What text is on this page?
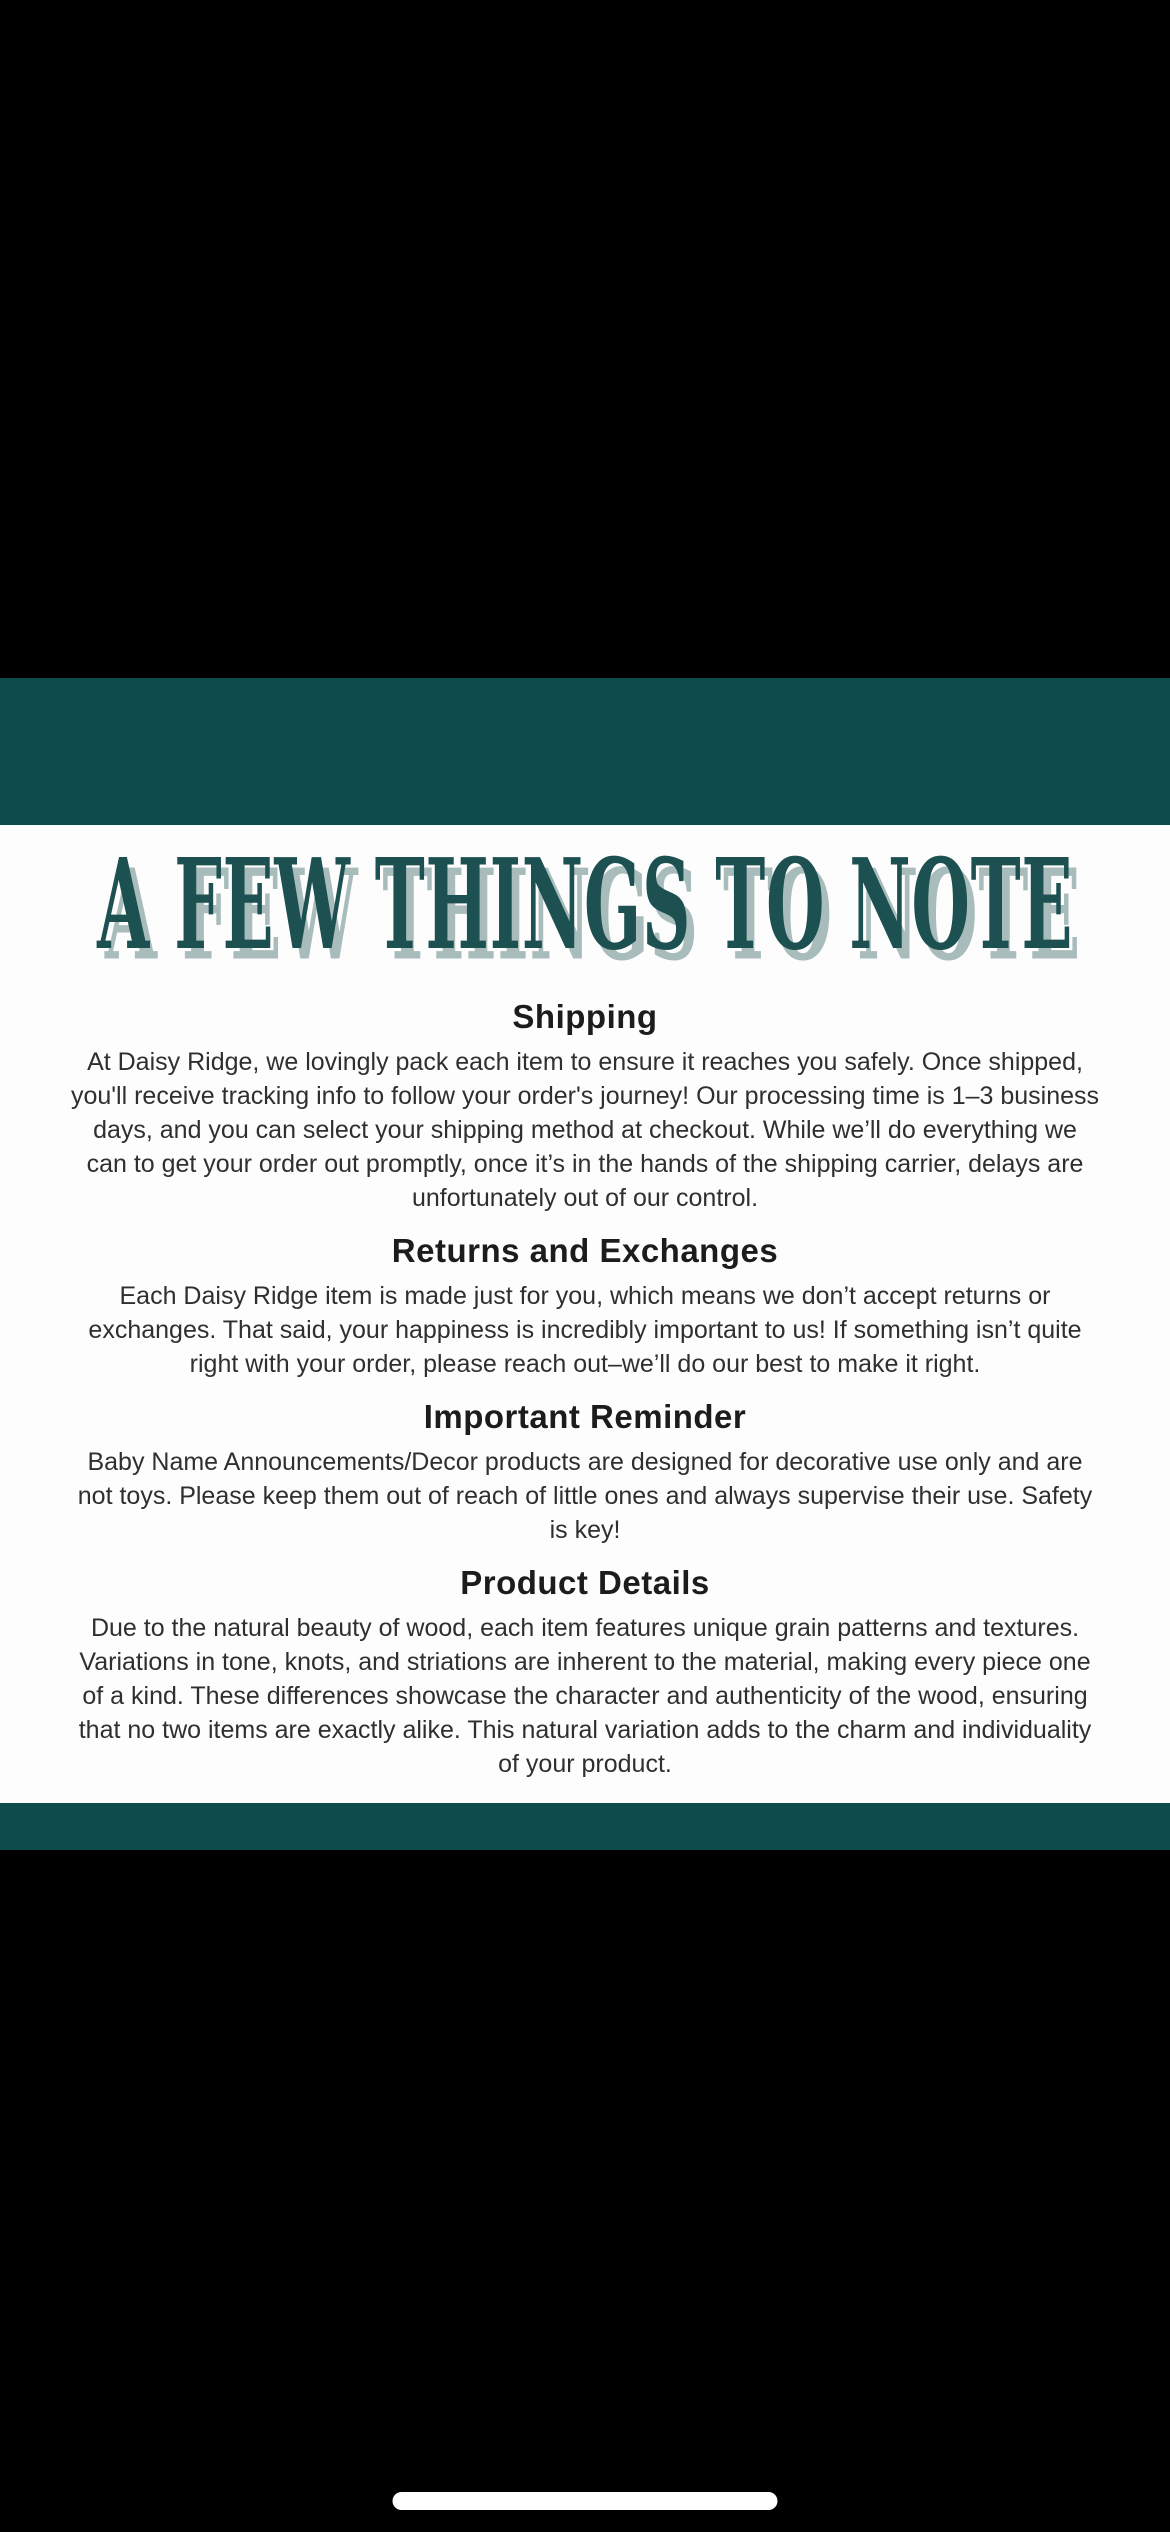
A FEW THINGS TO NOTE
Shipping

At Daisy Ridge, we lovingly pack each item to ensure it reaches you safely. Once shipped, you'll receive tracking info to follow your order's journey! Our processing time is 1–3 business days, and you can select your shipping method at checkout. While we’ll do everything we can to get your order out promptly, once it’s in the hands of the shipping carrier, delays are unfortunately out of our control.

Returns and Exchanges

Each Daisy Ridge item is made just for you, which means we don’t accept returns or exchanges. That said, your happiness is incredibly important to us! If something isn’t quite right with your order, please reach out–we’ll do our best to make it right.

Important Reminder

Baby Name Announcements/Decor products are designed for decorative use only and are not toys. Please keep them out of reach of little ones and always supervise their use. Safety is key!

Product Details

Due to the natural beauty of wood, each item features unique grain patterns and textures. Variations in tone, knots, and striations are inherent to the material, making every piece one of a kind. These differences showcase the character and authenticity of the wood, ensuring that no two items are exactly alike. This natural variation adds to the charm and individuality of your product.
